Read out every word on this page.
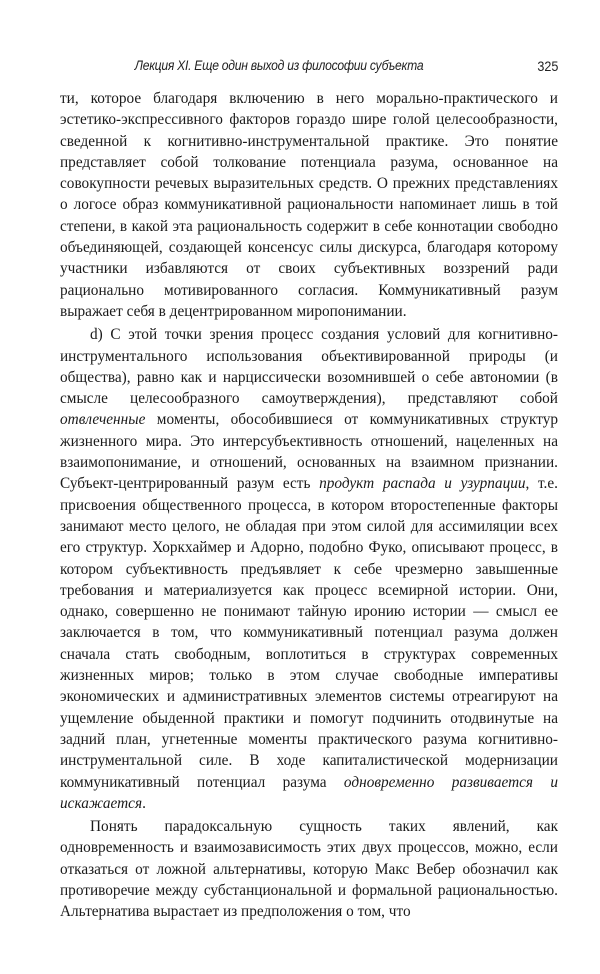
Лекция XI. Еще один выход из философии субъекта	325

ти, которое благодаря включению в него морально-практического и эстетико-экспрессивного факторов гораздо шире голой целесообразности, сведенной к когнитивно-инструментальной практике. Это понятие представляет собой толкование потенциала разума, основанное на совокупности речевых выразительных средств. О прежних представлениях о логосе образ коммуникативной рациональности напоминает лишь в той степени, в какой эта рациональность содержит в себе коннотации свободно объединяющей, создающей консенсус силы дискурса, благодаря которому участники избавляются от своих субъективных воззрений ради рационально мотивированного согласия. Коммуникативный разум выражает себя в децентрированном миропонимании.

d) С этой точки зрения процесс создания условий для когнитивно-инструментального использования объективированной природы (и общества), равно как и нарциссически возомнившей о себе автономии (в смысле целесообразного самоутверждения), представляют собой отвлеченные моменты, обособившиеся от коммуникативных структур жизненного мира. Это интерсубъективность отношений, нацеленных на взаимопонимание, и отношений, основанных на взаимном признании. Субъект-центрированный разум есть продукт распада и узурпации, т.е. присвоения общественного процесса, в котором второстепенные факторы занимают место целого, не обладая при этом силой для ассимиляции всех его структур. Хоркхаймер и Адорно, подобно Фуко, описывают процесс, в котором субъективность предъявляет к себе чрезмерно завышенные требования и материализуется как процесс всемирной истории. Они, однако, совершенно не понимают тайную иронию истории — смысл ее заключается в том, что коммуникативный потенциал разума должен сначала стать свободным, воплотиться в структурах современных жизненных миров; только в этом случае свободные императивы экономических и административных элементов системы отреагируют на ущемление обыденной практики и помогут подчинить отодвинутые на задний план, угнетенные моменты практического разума когнитивно-инструментальной силе. В ходе капиталистической модернизации коммуникативный потенциал разума одновременно развивается и искажается.

Понять парадоксальную сущность таких явлений, как одновременность и взаимозависимость этих двух процессов, можно, если отказаться от ложной альтернативы, которую Макс Вебер обозначил как противоречие между субстанциональной и формальной рациональностью. Альтернатива вырастает из предположения о том, что
